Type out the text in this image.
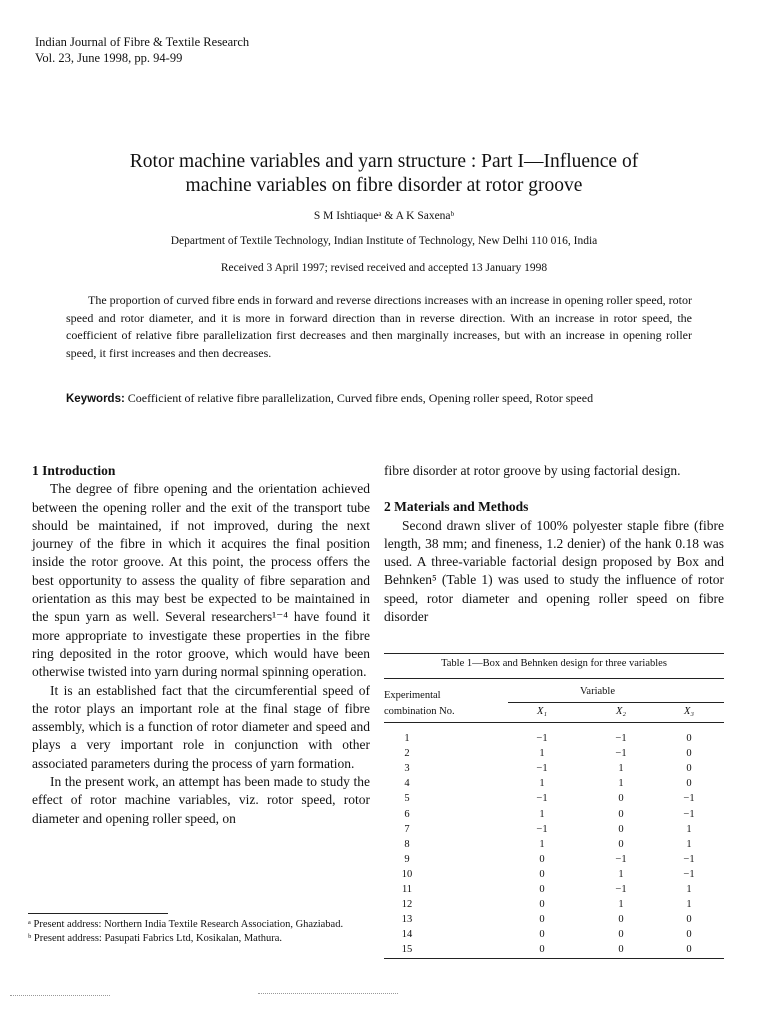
Indian Journal of Fibre & Textile Research
Vol. 23, June 1998, pp. 94-99
Rotor machine variables and yarn structure : Part I—Influence of
machine variables on fibre disorder at rotor groove
S M Ishtiaqueᵃ & A K Saxenaᵇ
Department of Textile Technology, Indian Institute of Technology, New Delhi 110 016, India
Received 3 April 1997; revised received and accepted 13 January 1998
The proportion of curved fibre ends in forward and reverse directions increases with an increase in opening roller speed, rotor speed and rotor diameter, and it is more in forward direction than in reverse direction. With an increase in rotor speed, the coefficient of relative fibre parallelization first decreases and then marginally increases, but with an increase in opening roller speed, it first increases and then decreases.
Keywords: Coefficient of relative fibre parallelization, Curved fibre ends, Opening roller speed, Rotor speed
1 Introduction

The degree of fibre opening and the orientation achieved between the opening roller and the exit of the transport tube should be maintained, if not improved, during the next journey of the fibre in which it acquires the final position inside the rotor groove. At this point, the process offers the best opportunity to assess the quality of fibre separation and orientation as this may best be expected to be maintained in the spun yarn as well. Several researchers¹⁻⁴ have found it more appropriate to investigate these properties in the fibre ring deposited in the rotor groove, which would have been otherwise twisted into yarn during normal spinning operation.

It is an established fact that the circumferential speed of the rotor plays an important role at the final stage of fibre assembly, which is a function of rotor diameter and speed and plays a very important role in conjunction with other associated parameters during the process of yarn formation.

In the present work, an attempt has been made to study the effect of rotor machine variables, viz. rotor speed, rotor diameter and opening roller speed, on

fibre disorder at rotor groove by using factorial design.

2 Materials and Methods

Second drawn sliver of 100% polyester staple fibre (fibre length, 38 mm; and fineness, 1.2 denier) of the hank 0.18 was used. A three-variable factorial design proposed by Box and Behnken⁵ (Table 1) was used to study the influence of rotor speed, rotor diameter and opening roller speed on fibre disorder

ᵃ Present address: Northern India Textile Research Association, Ghaziabad.
ᵇ Present address: Pasupati Fabrics Ltd, Kosikalan, Mathura.
Table 1—Box and Behnken design for three variables
Experimental
combination No.
Variable
X₁	X₂	X₃
1	−1	−1	0
2	1	−1	0
3	−1	1	0
4	1	1	0
5	−1	0	−1
6	1	0	−1
7	−1	0	1
8	1	0	1
9	0	−1	−1
10	0	1	−1
11	0	−1	1
12	0	1	1
13	0	0	0
14	0	0	0
15	0	0	0
